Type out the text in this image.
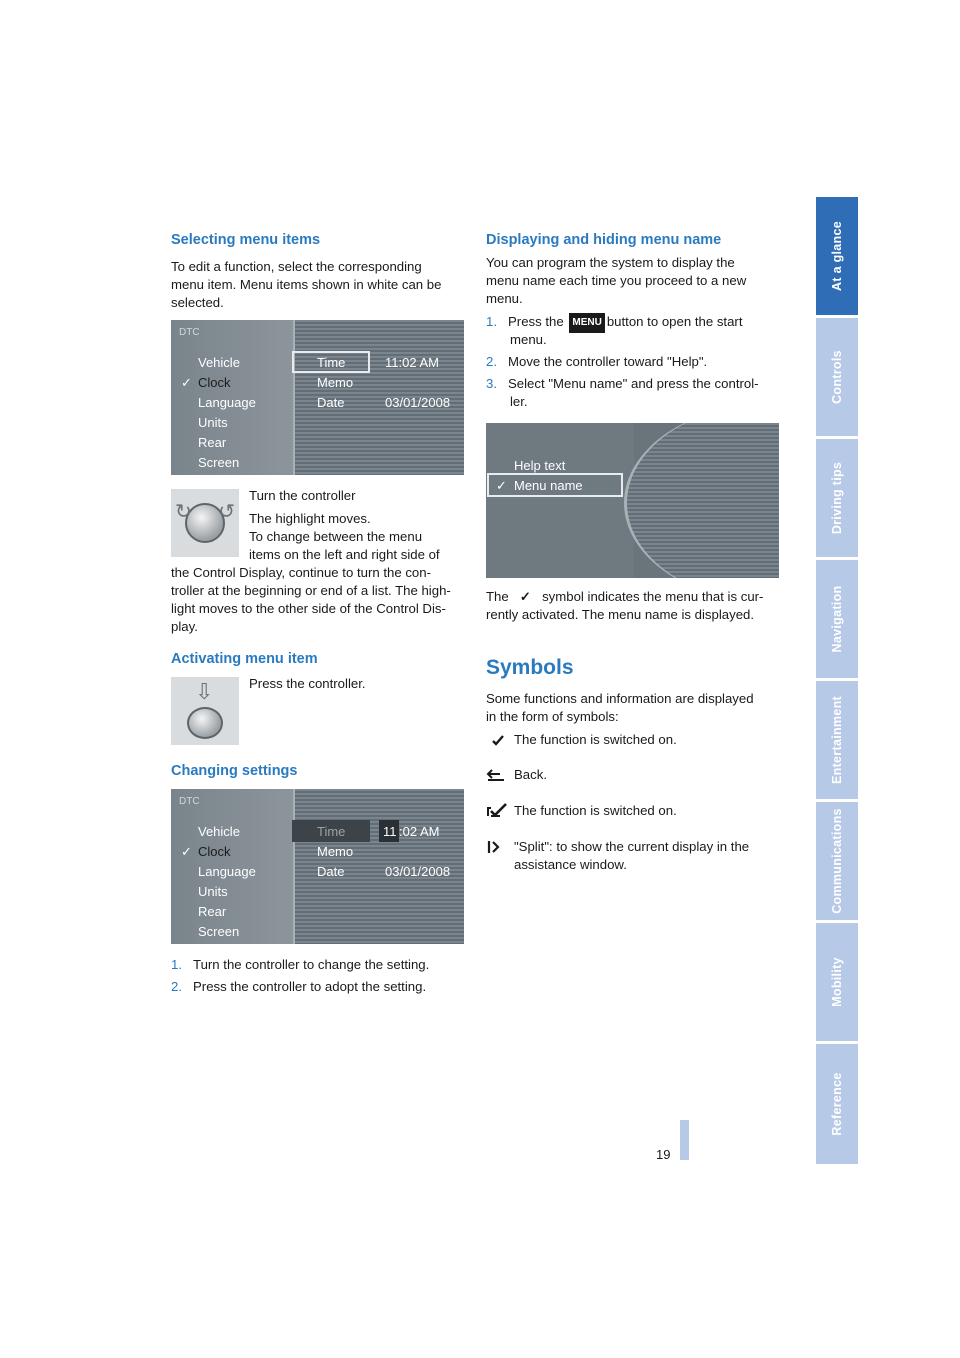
At a glance
Controls
Driving tips
Navigation
Entertainment
Communications
Mobility
Reference
Selecting menu items

To edit a function, select the corresponding

menu item. Menu items shown in white can be

selected.

DTC
Vehicle
✓ Clock
Language
Units
Rear
Screen
Time
Memo
Date
11:02 AM
03/01/2008
↻ ↺

Turn the controller

The highlight moves.

To change between the menu

items on the left and right side of

the Control Display, continue to turn the con-

troller at the beginning or end of a list. The high-

light moves to the other side of the Control Dis-

play.

Activating menu item
⇩	Press the controller.

Changing settings
DTC
Vehicle
✓ Clock
Language
Units
Rear
Screen
Time
Memo
Date
11 :02 AM
03/01/2008
1. Turn the controller to change the setting.
2. Press the controller to adopt the setting.
Displaying and hiding menu name

You can program the system to display the

menu name each time you proceed to a new

menu.

1. Press the MENU button to open the start

menu.

2. Move the controller toward "Help".
3. Select "Menu name" and press the control-

ler.

Help text
✓ Menu name
The ✓ symbol indicates the menu that is cur-

rently activated. The menu name is displayed.

Symbols

Some functions and information are displayed

in the form of symbols:

The function is switched on.

Back.

The function is switched on.

"Split": to show the current display in the

assistance window.

19
